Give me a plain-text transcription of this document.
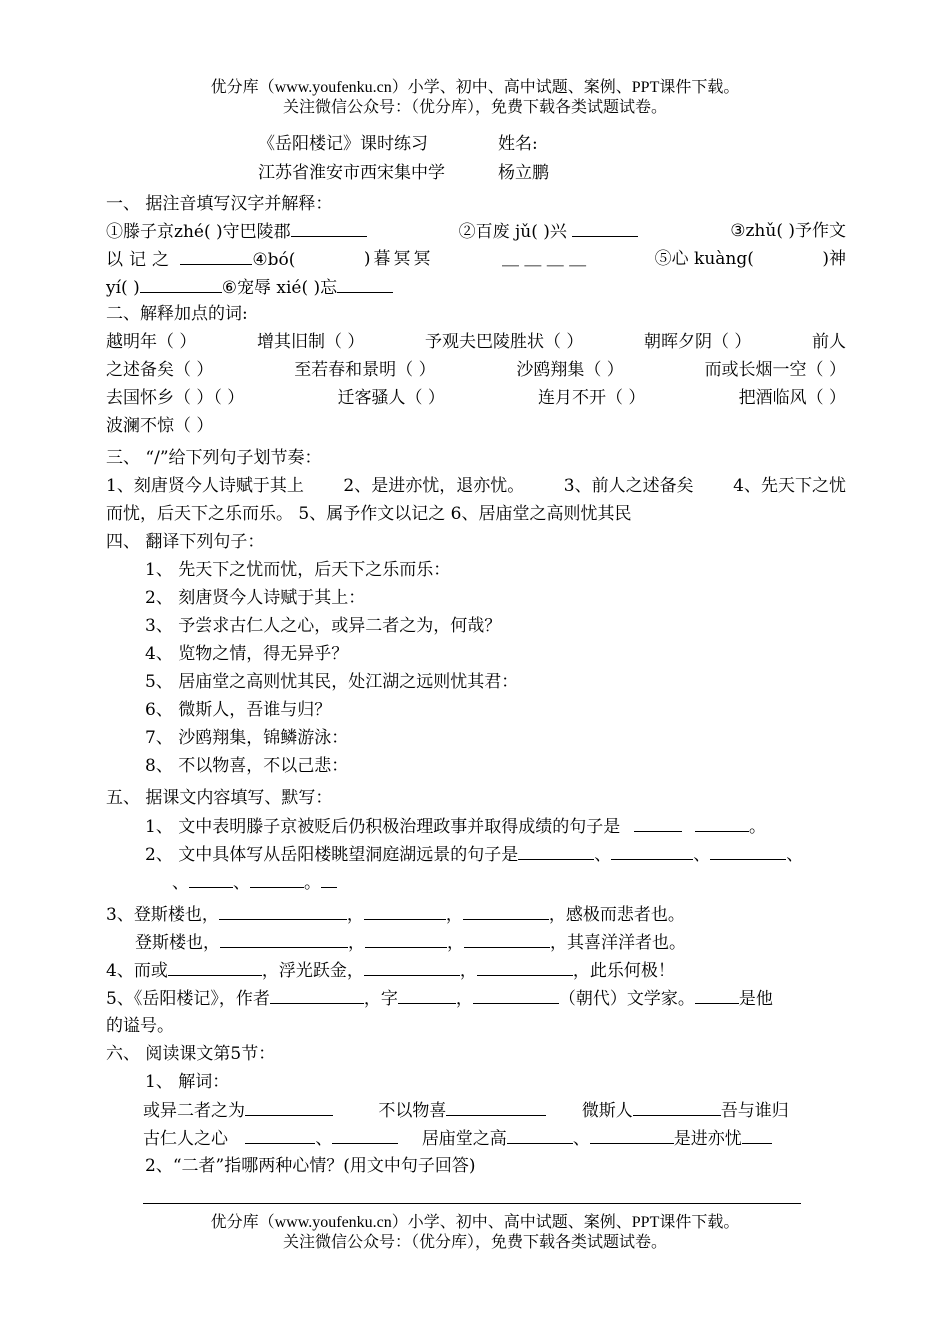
优分库（www.youfenku.cn）小学、初中、高中试题、案例、PPT课件下载。
关注微信公众号：（优分库），免费下载各类试题试卷。
《岳阳楼记》课时练习	姓名:
江苏省淮安市西宋集中学	杨立鹏
一、 据注音填写汉字并解释：
①滕子京zhé( )守巴陵郡	②百废 jǔ( )兴	③zhǔ( )予作文
以记之	④bó(	)暮冥冥	＿ ＿ ＿ ＿	⑤心 kuàng(	)神
yí( )	⑥宠辱 xié( )忘
二、解释加点的词:
越明年（ ）	增其旧制（ ）	予观夫巴陵胜状（ ）	朝晖夕阴（ ）	前人
之述备矣（ ）	至若春和景明（ ）	沙鸥翔集（ ）	而或长烟一空（ ）
去国怀乡（ ）（ ）	迁客骚人（ ）	连月不开（ ）	把酒临风（ ）
波澜不惊（ ）
三、 “/”给下列句子划节奏：
1、刻唐贤今人诗赋于其上 2、是进亦忧，退亦忧。 3、前人之述备矣 4、先天下之忧
而忧，后天下之乐而乐。 5、属予作文以记之 6、居庙堂之高则忧其民
四、 翻译下列句子：
1、 先天下之忧而忧，后天下之乐而乐：
2、 刻唐贤今人诗赋于其上：
3、 予尝求古仁人之心，或异二者之为，何哉？
4、 览物之情，得无异乎？
5、 居庙堂之高则忧其民，处江湖之远则忧其君：
6、 微斯人，吾谁与归？
7、 沙鸥翔集，锦鳞游泳：
8、 不以物喜，不以己悲：
五、 据课文内容填写、默写：
1、 文中表明滕子京被贬后仍积极治理政事并取得成绩的句子是	。
2、 文中具体写从岳阳楼眺望洞庭湖远景的句子是	、	、	、
、	、	。
3、登斯楼也，	，	，	，感极而悲者也。
登斯楼也，	，	，	，其喜洋洋者也。
4、而或	，浮光跃金，	，	，此乐何极！
5、《岳阳楼记》，作者	，字	，	（朝代）文学家。	是他
的谥号。
六、 阅读课文第5节：
1、 解词：
或异二者之为	不以物喜	微斯人	吾与谁归
古仁人之心	、	居庙堂之高	、	是进亦忧
2、“二者”指哪两种心情？(用文中句子回答)
优分库（www.youfenku.cn）小学、初中、高中试题、案例、PPT课件下载。
关注微信公众号：（优分库），免费下载各类试题试卷。
